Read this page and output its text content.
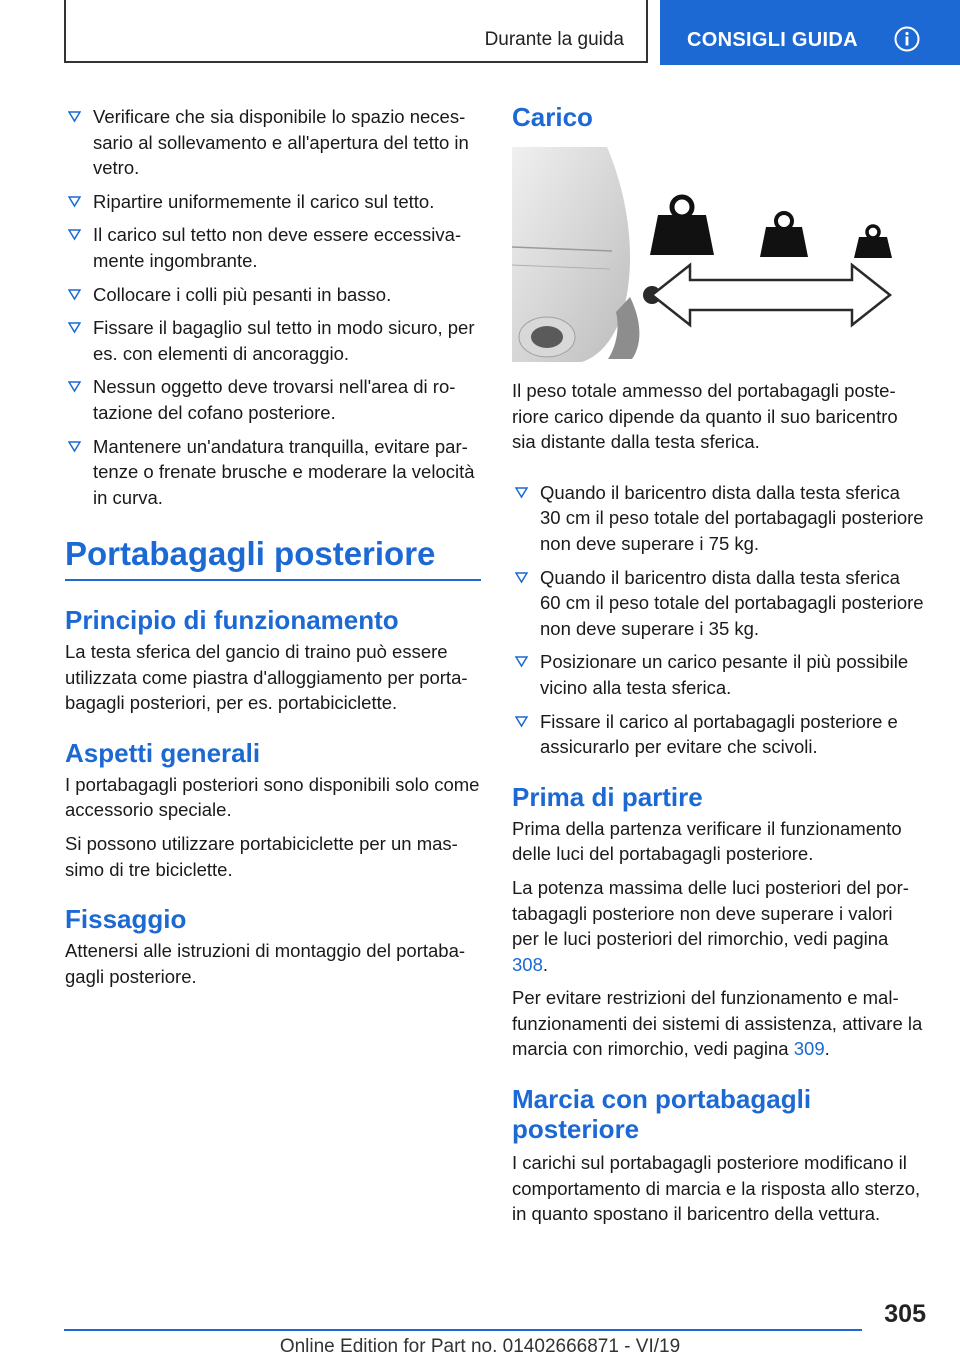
Durante la guida	CONSIGLI GUIDA
Verificare che sia disponibile lo spazio necessario al sollevamento e all'apertura del tetto in vetro.
Ripartire uniformemente il carico sul tetto.
Il carico sul tetto non deve essere eccessivamente ingombrante.
Collocare i colli più pesanti in basso.
Fissare il bagaglio sul tetto in modo sicuro, per es. con elementi di ancoraggio.
Nessun oggetto deve trovarsi nell'area di rotazione del cofano posteriore.
Mantenere un'andatura tranquilla, evitare partenze o frenate brusche e moderare la velocità in curva.
Portabagagli posteriore
Principio di funzionamento

La testa sferica del gancio di traino può essere utilizzata come piastra d'alloggiamento per portabagagli posteriori, per es. portabiciclette.

Aspetti generali

I portabagagli posteriori sono disponibili solo come accessorio speciale.

Si possono utilizzare portabiciclette per un massimo di tre biciclette.

Fissaggio

Attenersi alle istruzioni di montaggio del portabagagli posteriore.

Carico

Il peso totale ammesso del portabagagli posteriore carico dipende da quanto il suo baricentro sia distante dalla testa sferica.

Quando il baricentro dista dalla testa sferica 30 cm il peso totale del portabagagli posteriore non deve superare i 75 kg.
Quando il baricentro dista dalla testa sferica 60 cm il peso totale del portabagagli posteriore non deve superare i 35 kg.
Posizionare un carico pesante il più possibile vicino alla testa sferica.
Fissare il carico al portabagagli posteriore e assicurarlo per evitare che scivoli.
Prima di partire

Prima della partenza verificare il funzionamento delle luci del portabagagli posteriore.

La potenza massima delle luci posteriori del portabagagli posteriore non deve superare i valori per le luci posteriori del rimorchio, vedi pagina 308.

Per evitare restrizioni del funzionamento e malfunzionamenti dei sistemi di assistenza, attivare la marcia con rimorchio, vedi pagina 309.

Marcia con portabagagli posteriore

I carichi sul portabagagli posteriore modificano il comportamento di marcia e la risposta allo sterzo, in quanto spostano il baricentro della vettura.

305
Online Edition for Part no. 01402666871 - VI/19
